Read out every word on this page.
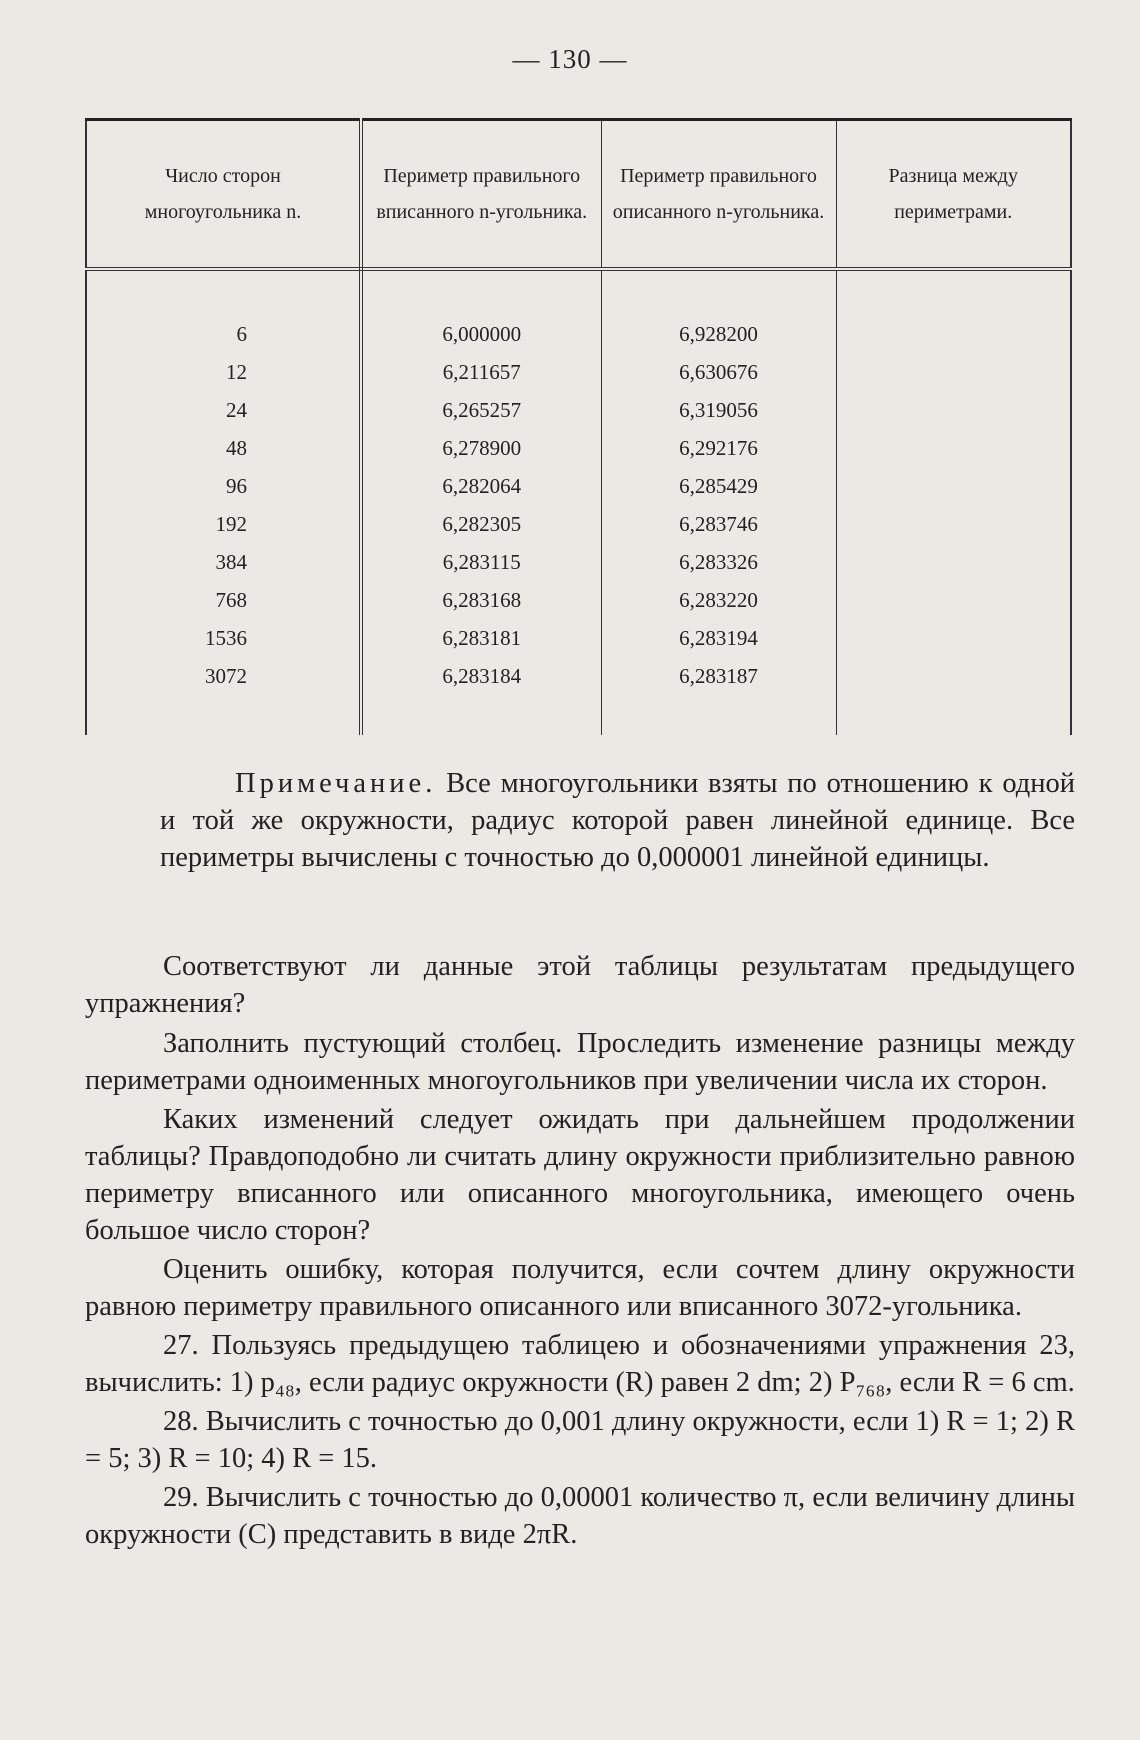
— 130 —
Число сторон многоугольника n.	Периметр правильного вписанного n-угольника.	Периметр правильного описанного n-угольника.	Разница между периметрами.
6	6,000000	6,928200	
12	6,211657	6,630676	
24	6,265257	6,319056	
48	6,278900	6,292176	
96	6,282064	6,285429	
192	6,282305	6,283746	
384	6,283115	6,283326	
768	6,283168	6,283220	
1536	6,283181	6,283194	
3072	6,283184	6,283187	

Примечание. Все многоугольники взяты по отношению к одной и той же окружности, радиус которой равен линейной единице. Все периметры вычислены с точностью до 0,000001 линейной единицы.

Соответствуют ли данные этой таблицы результатам предыдущего упражнения?

Заполнить пустующий столбец. Проследить изменение разницы между периметрами одноименных многоугольников при увеличении числа их сторон.

Каких изменений следует ожидать при дальнейшем продолжении таблицы? Правдоподобно ли считать длину окружности приблизительно равною периметру вписанного или описанного многоугольника, имеющего очень большое число сторон?

Оценить ошибку, которая получится, если сочтем длину окружности равною периметру правильного описанного или вписанного 3072-угольника.

27. Пользуясь предыдущею таблицею и обозначениями упражнения 23, вычислить: 1) p₄₈, если радиус окружности (R) равен 2 dm; 2) P₇₆₈, если R = 6 cm.

28. Вычислить с точностью до 0,001 длину окружности, если 1) R = 1; 2) R = 5; 3) R = 10; 4) R = 15.

29. Вычислить с точностью до 0,00001 количество π, если величину длины окружности (C) представить в виде 2πR.
